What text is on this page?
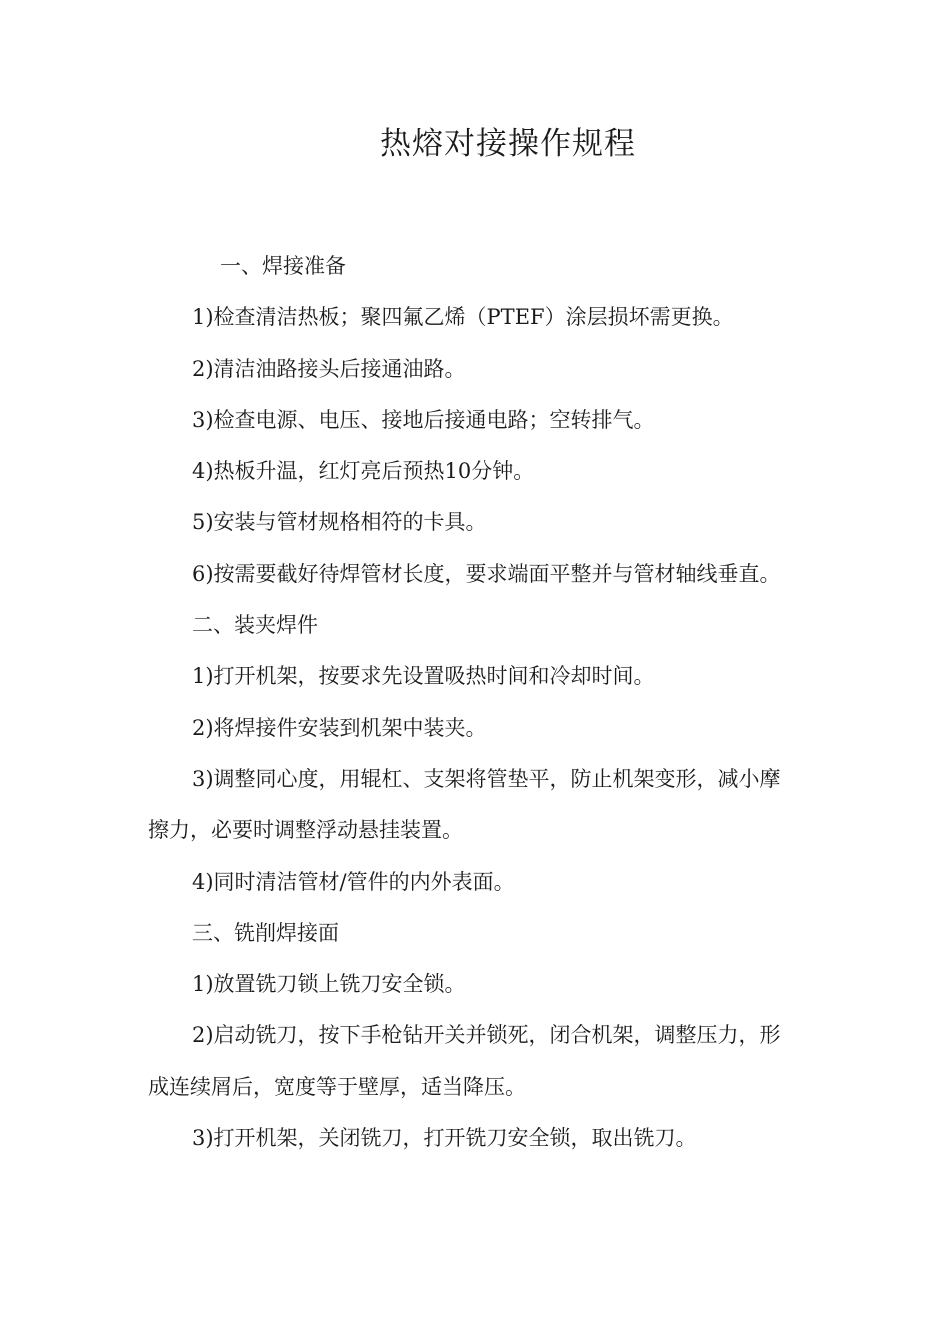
热熔对接操作规程

一、焊接准备

1)检查清洁热板；聚四氟乙烯（PTEF）涂层损坏需更换。

2)清洁油路接头后接通油路。

3)检查电源、电压、接地后接通电路；空转排气。

4)热板升温，红灯亮后预热10分钟。

5)安装与管材规格相符的卡具。

6)按需要截好待焊管材长度，要求端面平整并与管材轴线垂直。

二、装夹焊件

1)打开机架，按要求先设置吸热时间和冷却时间。

2)将焊接件安装到机架中装夹。

3)调整同心度，用辊杠、支架将管垫平，防止机架变形，减小摩擦力，必要时调整浮动悬挂装置。

4)同时清洁管材/管件的内外表面。

三、铣削焊接面

1)放置铣刀锁上铣刀安全锁。

2)启动铣刀，按下手枪钻开关并锁死，闭合机架，调整压力，形成连续屑后，宽度等于壁厚，适当降压。

3)打开机架，关闭铣刀，打开铣刀安全锁，取出铣刀。
